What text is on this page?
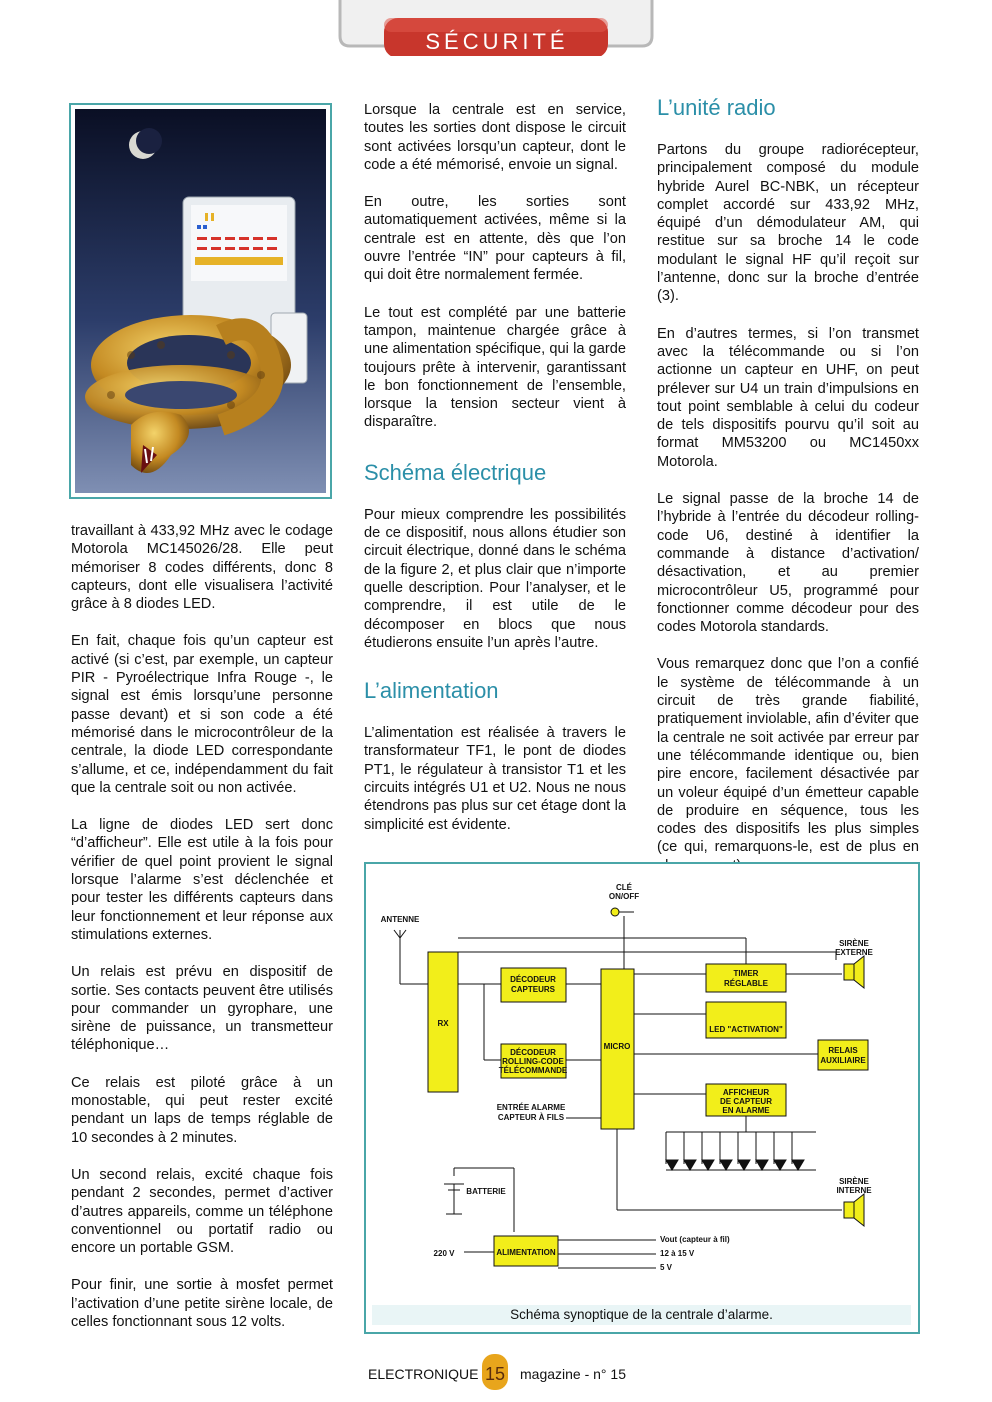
SÉCURITÉ

travaillant à 433,92 MHz avec le codage Motorola MC145026/28. Elle peut mémoriser 8 codes différents, donc 8 capteurs, dont elle visualisera l’activité grâce à 8 diodes LED.

En fait, chaque fois qu’un capteur est activé (si c’est, par exemple, un capteur PIR - Pyroélectrique Infra Rouge -, le signal est émis lorsqu’une personne passe devant) et si son code a été mémorisé dans le microcontrôleur de la centrale, la diode LED correspondante s’allume, et ce, indépendamment du fait que la centrale soit ou non activée.

La ligne de diodes LED sert donc “d’afficheur”. Elle est utile à la fois pour vérifier de quel point provient le signal lorsque l’alarme s’est déclenchée et pour tester les différents capteurs dans leur fonctionnement et leur réponse aux stimulations externes.

Un relais est prévu en dispositif de sortie. Ses contacts peuvent être utilisés pour commander un gyrophare, une sirène de puissance, un transmetteur téléphonique…

Ce relais est piloté grâce à un monostable, qui peut rester excité pendant un laps de temps réglable de 10 secondes à 2 minutes.

Un second relais, excité chaque fois pendant 2 secondes, permet d’activer d’autres appareils, comme un téléphone conventionnel ou portatif radio ou encore un portable GSM.

Pour finir, une sortie à mosfet permet l’activation d’une petite sirène locale, de celles fonctionnant sous 12 volts.

Lorsque la centrale est en service, toutes les sorties dont dispose le circuit sont activées lorsqu’un capteur, dont le code a été mémorisé, envoie un signal.

En outre, les sorties sont automatiquement activées, même si la centrale est en attente, dès que l’on ouvre l’entrée “IN” pour capteurs à fil, qui doit être normalement fermée.

Le tout est complété par une batterie tampon, maintenue chargée grâce à une alimentation spécifique, qui la garde toujours prête à intervenir, garantissant le bon fonctionnement de l’ensemble, lorsque la tension secteur vient à disparaître.

Schéma électrique

Pour mieux comprendre les possibilités de ce dispositif, nous allons étudier son circuit électrique, donné dans le schéma de la figure 2, et plus clair que n’importe quelle description. Pour l’analyser, et le comprendre, il est utile de le décomposer en blocs que nous étudierons ensuite l’un après l’autre.

L’alimentation

L’alimentation est réalisée à travers le transformateur TF1, le pont de diodes PT1, le régulateur à transistor T1 et les circuits intégrés U1 et U2. Nous ne nous étendrons pas plus sur cet étage dont la simplicité est évidente.

L’unité radio

Partons du groupe radiorécepteur, principalement composé du module hybride Aurel BC-NBK, un récepteur complet accordé sur 433,92 MHz, équipé d’un démodulateur AM, qui restitue sur sa broche 14 le code modulant le signal HF qu’il reçoit sur l’antenne, donc sur la broche d’entrée (3).

En d’autres termes, si l’on transmet avec la télécommande ou si l’on actionne un capteur en UHF, on peut prélever sur U4 un train d’impulsions en tout point semblable à celui du codeur de tels dispositifs pourvu qu’il soit au format MM53200 ou MC1450xx Motorola.

Le signal passe de la broche 14 de l’hybride à l’entrée du décodeur rolling-code U6, destiné à identifier la commande à distance d’activation/ désactivation, et au premier microcontrôleur U5, programmé pour fonctionner comme décodeur pour des codes Motorola standards.

Vous remarquez donc que l’on a confié le système de télécommande à un circuit de très grande fiabilité, pratiquement inviolable, afin d’éviter que la centrale ne soit activée par erreur par une télécommande identique ou, bien pire encore, facilement désactivée par un voleur équipé d’un émetteur capable de produire en séquence, tous les codes des dispositifs les plus simples (ce qui, remarquons-le, est de plus en

CLÉ
ON/OFF
ANTENNE
RX
DÉCODEUR
CAPTEURS
DÉCODEUR
ROLLING-CODE
TÉLÉCOMMANDE
MICRO
TIMER
RÉGLABLE
LED "ACTIVATION"
RELAIS
AUXILIAIRE
AFFICHEUR
DE CAPTEUR
EN ALARME
SIRÈNE
EXTERNE
SIRÈNE
INTERNE
ENTRÉE ALARME
CAPTEUR À FILS
BATTERIE
220 V	ALIMENTATION
Vout (capteur à fil)
12 à 15 V
5 V
Schéma synoptique de la centrale d’alarme.
ELECTRONIQUE 15 magazine - n° 15
